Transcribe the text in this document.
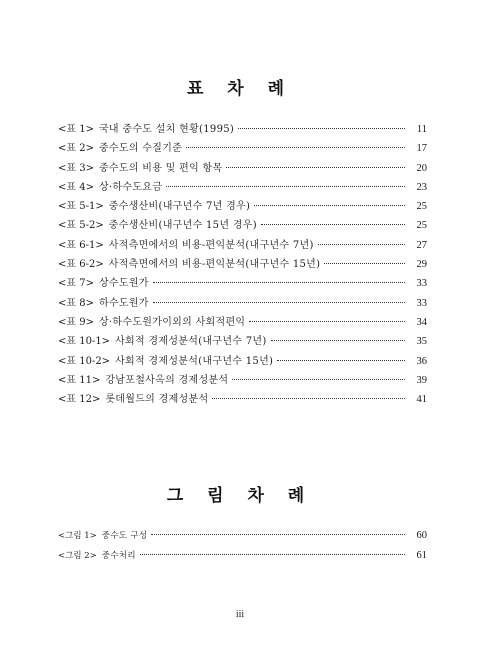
표 차 례
<표 1> 국내 중수도 설치 현황(1995)	11
<표 2> 중수도의 수질기준	17
<표 3> 중수도의 비용 및 편익 항목	20
<표 4> 상·하수도요금	23
<표 5-1> 중수생산비(내구년수 7년 경우)	25
<표 5-2> 중수생산비(내구년수 15년 경우)	25
<표 6-1> 사적측면에서의 비용-편익분석(내구년수 7년)	27
<표 6-2> 사적측면에서의 비용-편익분석(내구년수 15년)	29
<표 7> 상수도원가	33
<표 8> 하수도원가	33
<표 9> 상·하수도원가이외의 사회적편익	34
<표 10-1> 사회적 경제성분석(내구년수 7년)	35
<표 10-2> 사회적 경제성분석(내구년수 15년)	36
<표 11> 강남포철사옥의 경제성분석	39
<표 12> 롯데월드의 경제성분석	41
그 림 차 례
<그림 1> 중수도 구성	60
<그림 2> 중수처리	61
iii
